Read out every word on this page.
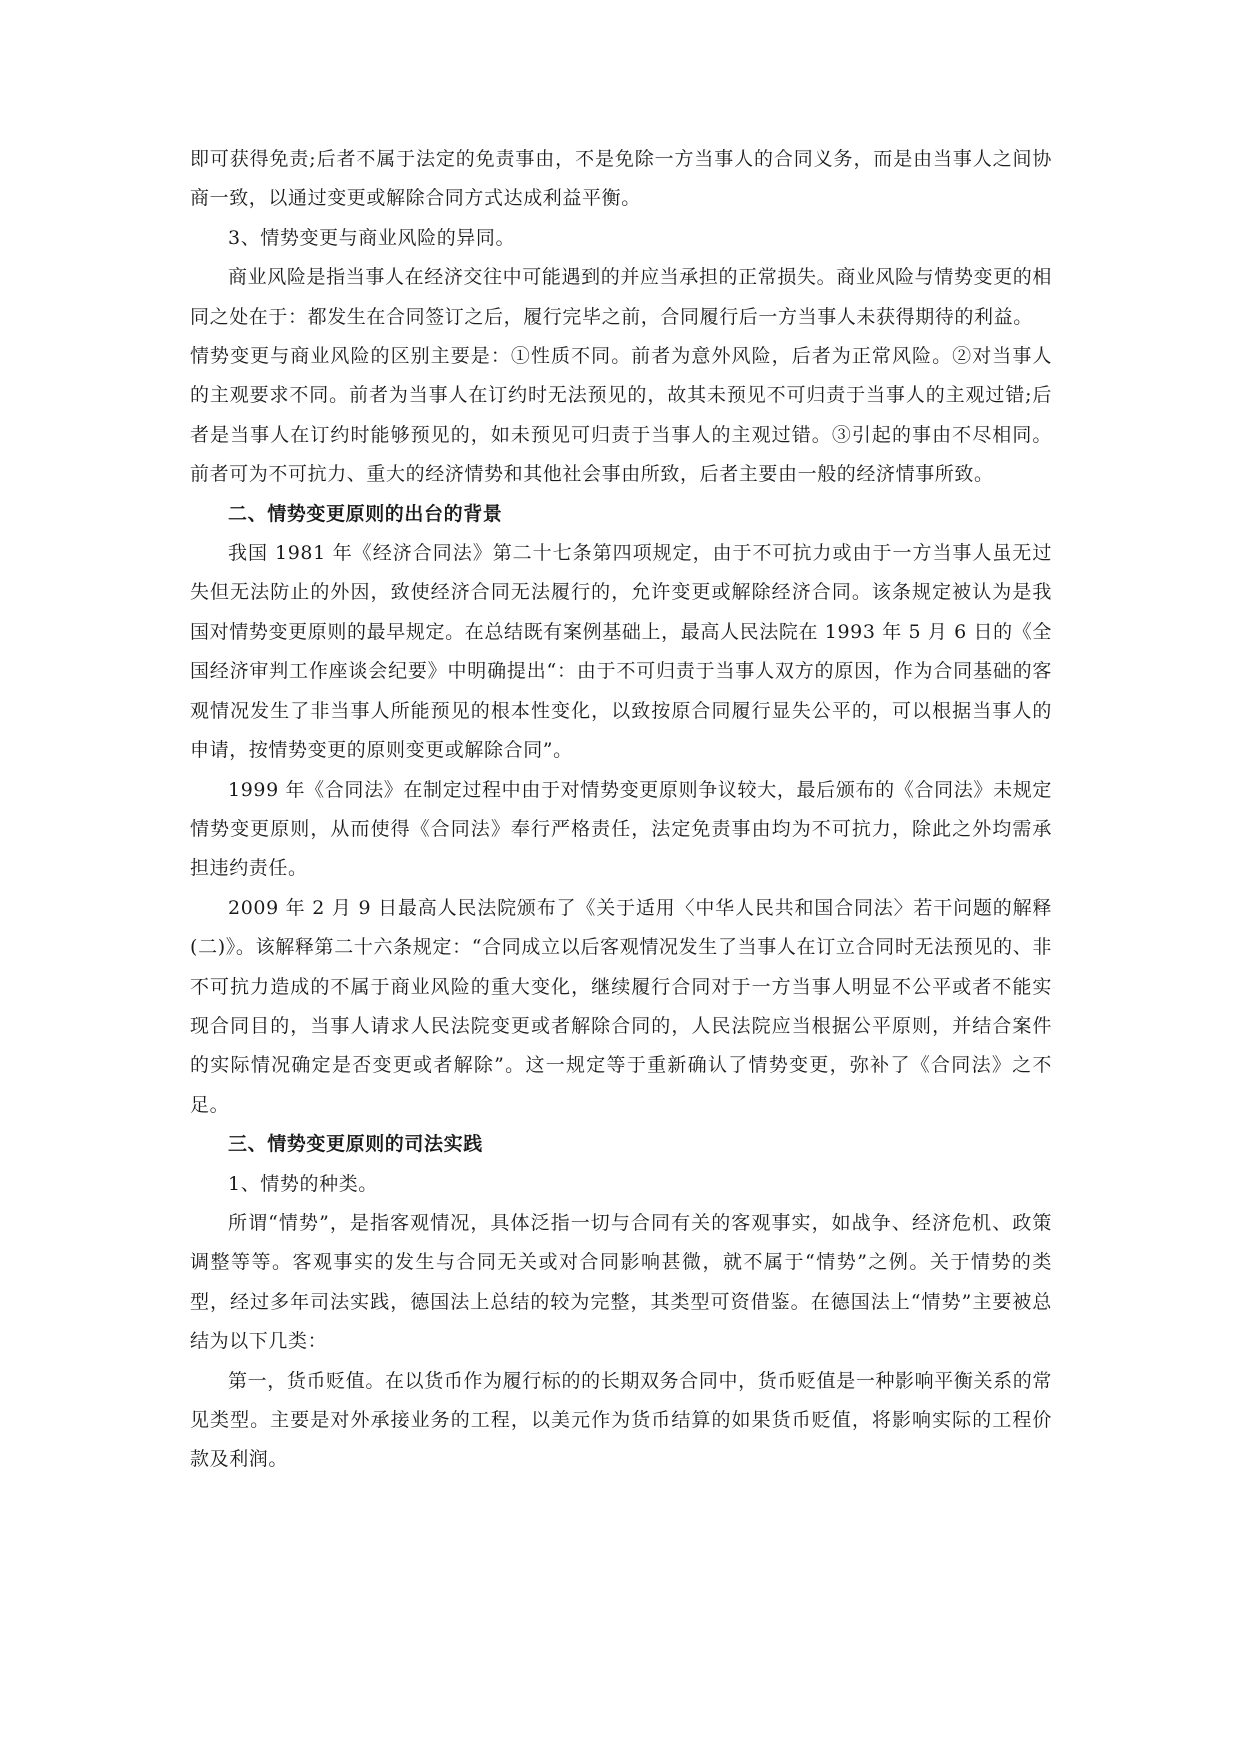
即可获得免责;后者不属于法定的免责事由，不是免除一方当事人的合同义务，而是由当事人之间协商一致，以通过变更或解除合同方式达成利益平衡。

3、情势变更与商业风险的异同。

商业风险是指当事人在经济交往中可能遇到的并应当承担的正常损失。商业风险与情势变更的相同之处在于：都发生在合同签订之后，履行完毕之前，合同履行后一方当事人未获得期待的利益。

情势变更与商业风险的区别主要是：①性质不同。前者为意外风险，后者为正常风险。②对当事人的主观要求不同。前者为当事人在订约时无法预见的，故其未预见不可归责于当事人的主观过错;后者是当事人在订约时能够预见的，如未预见可归责于当事人的主观过错。③引起的事由不尽相同。前者可为不可抗力、重大的经济情势和其他社会事由所致，后者主要由一般的经济情事所致。

二、情势变更原则的出台的背景

我国 1981 年《经济合同法》第二十七条第四项规定，由于不可抗力或由于一方当事人虽无过失但无法防止的外因，致使经济合同无法履行的，允许变更或解除经济合同。该条规定被认为是我国对情势变更原则的最早规定。在总结既有案例基础上，最高人民法院在 1993 年 5 月 6 日的《全国经济审判工作座谈会纪要》中明确提出“：由于不可归责于当事人双方的原因，作为合同基础的客观情况发生了非当事人所能预见的根本性变化，以致按原合同履行显失公平的，可以根据当事人的申请，按情势变更的原则变更或解除合同”。

1999 年《合同法》在制定过程中由于对情势变更原则争议较大，最后颁布的《合同法》未规定情势变更原则，从而使得《合同法》奉行严格责任，法定免责事由均为不可抗力，除此之外均需承担违约责任。

2009 年 2 月 9 日最高人民法院颁布了《关于适用〈中华人民共和国合同法〉若干问题的解释(二)》。该解释第二十六条规定：“合同成立以后客观情况发生了当事人在订立合同时无法预见的、非不可抗力造成的不属于商业风险的重大变化，继续履行合同对于一方当事人明显不公平或者不能实现合同目的，当事人请求人民法院变更或者解除合同的，人民法院应当根据公平原则，并结合案件的实际情况确定是否变更或者解除”。这一规定等于重新确认了情势变更，弥补了《合同法》之不足。

三、情势变更原则的司法实践

1、情势的种类。

所谓“情势”，是指客观情况，具体泛指一切与合同有关的客观事实，如战争、经济危机、政策调整等等。客观事实的发生与合同无关或对合同影响甚微，就不属于“情势”之例。关于情势的类型，经过多年司法实践，德国法上总结的较为完整，其类型可资借鉴。在德国法上“情势”主要被总结为以下几类：

第一，货币贬值。在以货币作为履行标的的长期双务合同中，货币贬值是一种影响平衡关系的常见类型。主要是对外承接业务的工程，以美元作为货币结算的如果货币贬值，将影响实际的工程价款及利润。
